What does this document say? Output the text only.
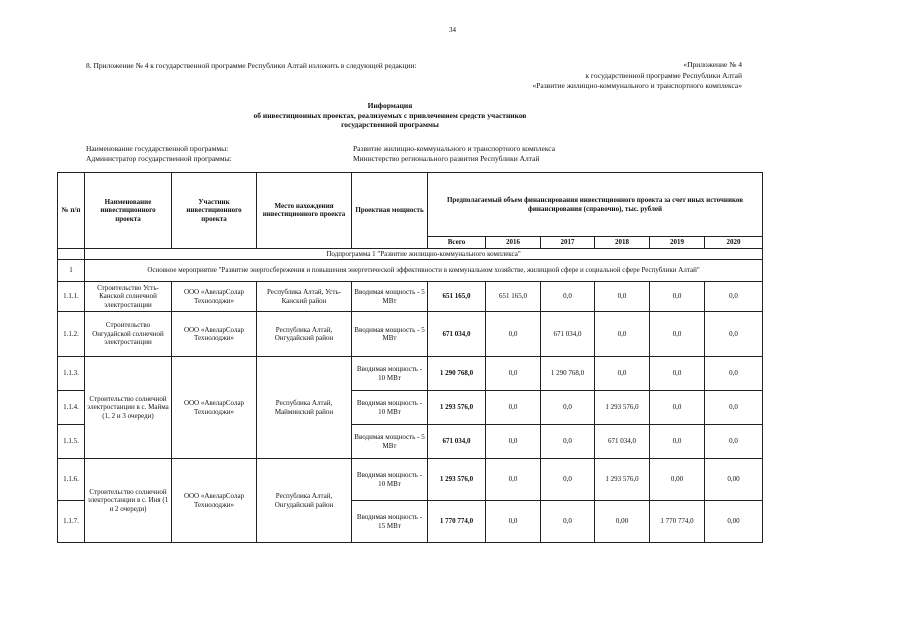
34
8. Приложение № 4 к государственной программе Республики Алтай изложить в следующей редакции:	«Приложение № 4
к государственной программе Республики Алтай
«Развитие жилищно-коммунального и транспортного комплекса»
Информация
об инвестиционных проектах, реализуемых с привлечением средств участников
государственной программы
Наименование государственной программы:	Развитие жилищно-коммунального и транспортного комплекса
Администратор государственной программы:	Министерство регионального развития Республики Алтай
№ п/п	Наименование инвестиционного проекта	Участник инвестиционного проекта	Место нахождения инвестиционного проекта	Проектная мощность	Предполагаемый объем финансирования инвестиционного проекта за счет иных источников финансирования (справочно), тыс. рублей					
					Всего	2016	2017	2018	2019	2020
	Подпрограмма 1 "Развитие жилищно-коммунального комплекса"									
1	Основное мероприятие "Развитие энергосбережения и повышения энергетической эффективности в коммунальном хозяйстве, жилищной сфере и социальной сфере Республики Алтай"									
1.1.1.	Строительство Усть-Канской солнечной электростанции	ООО «АвеларСолар Технолоджи»	Республика Алтай, Усть-Канский район	Вводимая мощность - 5 МВт	651 165,0	651 165,0	0,0	0,0	0,0	0,0
1.1.2.	Строительство Онгудайской солнечной электростанции	ООО «АвеларСолар Технолоджи»	Республика Алтай, Онгудайский район	Вводимая мощность - 5 МВт	671 034,0	0,0	671 034,0	0,0	0,0	0,0
1.1.3.	Строительство солнечной электростанции в с. Майма (1, 2 и 3 очереди)	ООО «АвеларСолар Технолоджи»	Республика Алтай, Майминский район	Вводимая мощность - 10 МВт	1 290 768,0	0,0	1 290 768,0	0,0	0,0	0,0
1.1.4.				Вводимая мощность - 10 МВт	1 293 576,0	0,0	0,0	1 293 576,0	0,0	0,0
1.1.5.				Вводимая мощность - 5 МВт	671 034,0	0,0	0,0	671 034,0	0,0	0,0
1.1.6.	Строительство солнечной электростанции в с. Иня (1 и 2 очереди)	ООО «АвеларСолар Технолоджи»	Республика Алтай, Онгудайский район	Вводимая мощность - 10 МВт	1 293 576,0	0,0	0,0	1 293 576,0	0,00	0,00
1.1.7.				Вводимая мощность - 15 МВт	1 770 774,0	0,0	0,0	0,00	1 770 774,0	0,00
